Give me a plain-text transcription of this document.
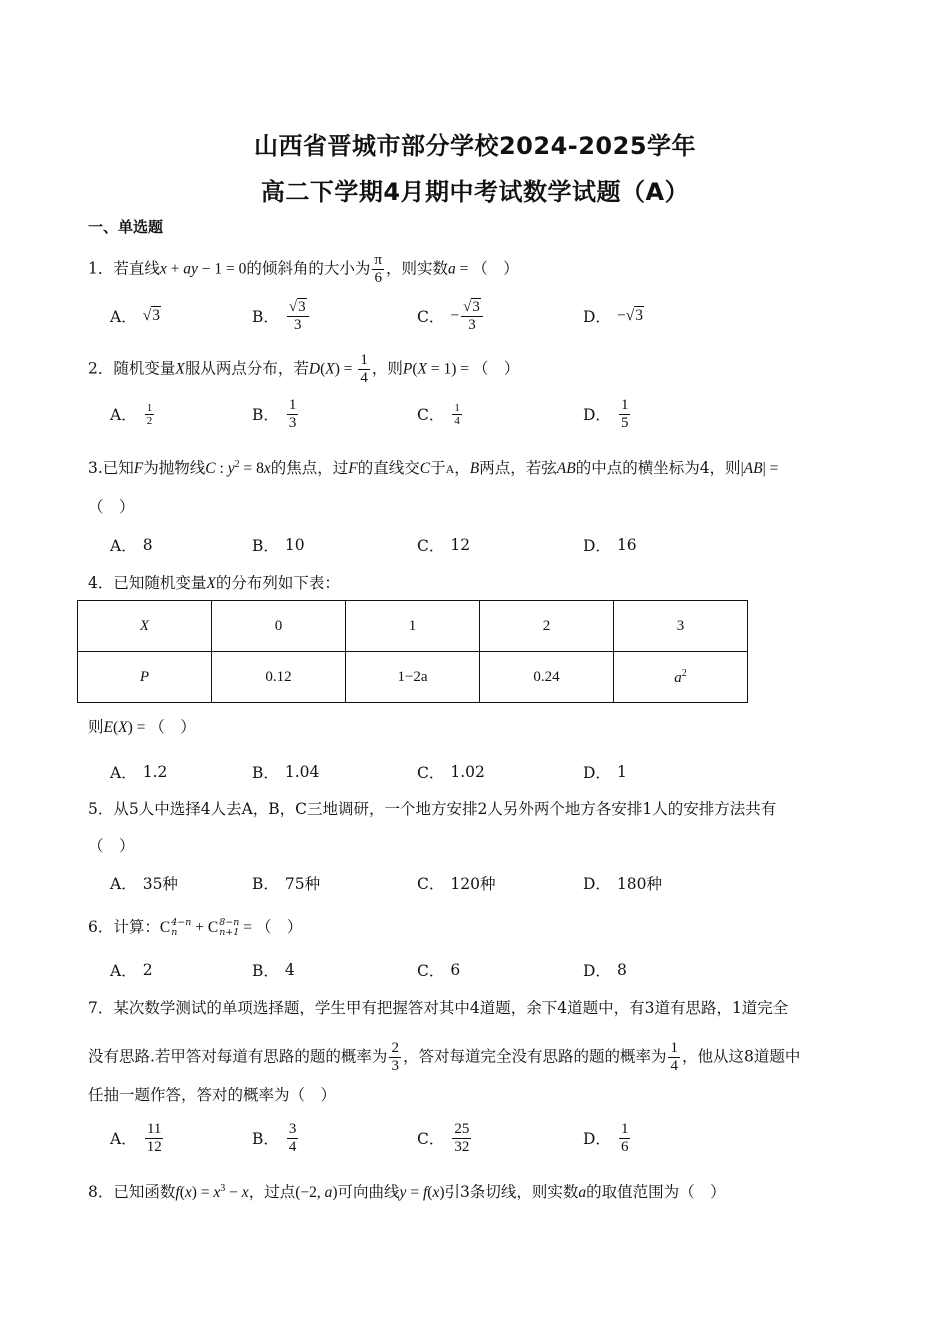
山西省晋城市部分学校2024-2025学年
高二下学期4月期中考试数学试题（A）
一、单选题
1．若直线x + ay − 1 = 0的倾斜角的大小为 $\frac{\pi}{6}$ ，则实数a = （　）
A． √3	B． $\frac{√3}{3}$	C． − $\frac{√3}{3}$	D． − √3
2．随机变量X服从两点分布，若$D(X) = \frac{1}{4}$ ，则P(X = 1) = （　）
A． $\frac{1}{2}$	B． $\frac{1}{3}$	C． $\frac{1}{4}$	D． $\frac{1}{5}$
3.已知F为抛物线C : $y^2 = 8x$的焦点，过F的直线交C于A，B两点，若弦AB的中点的横坐标为4，则|AB| =
（　）
A． 8	B． 10	C． 12	D． 16
4．已知随机变量X的分布列如下表：
X	0	1	2	3
P	0.12	1−2a	0.24	$a^2$
则E(X) = （　）
A． 1.2	B． 1.04	C． 1.02	D． 1
5．从5人中选择4人去A，B，C三地调研，一个地方安排2人另外两个地方各安排1人的安排方法共有
（　）
A． 35种	B． 75种	C． 120种	D． 180种
6．计算：C 4−n
n + C 8−n
n+1 = （　）
A． 2	B． 4	C． 6	D． 8
7．某次数学测试的单项选择题，学生甲有把握答对其中4道题，余下4道题中，有3道有思路，1道完全
没有思路.若甲答对每道有思路的题的概率为 $\frac{2}{3}$ ，答对每道完全没有思路的题的概率为 $\frac{1}{4}$ ，他从这8道题中
任抽一题作答，答对的概率为（　）
A． $\frac{11}{12}$	B． $\frac{3}{4}$	C． $\frac{25}{32}$	D． $\frac{1}{6}$
8．已知函数$f(x) = x^3 - x$，过点(−2, a)可向曲线y = f(x)引3条切线，则实数a的取值范围为（　）
